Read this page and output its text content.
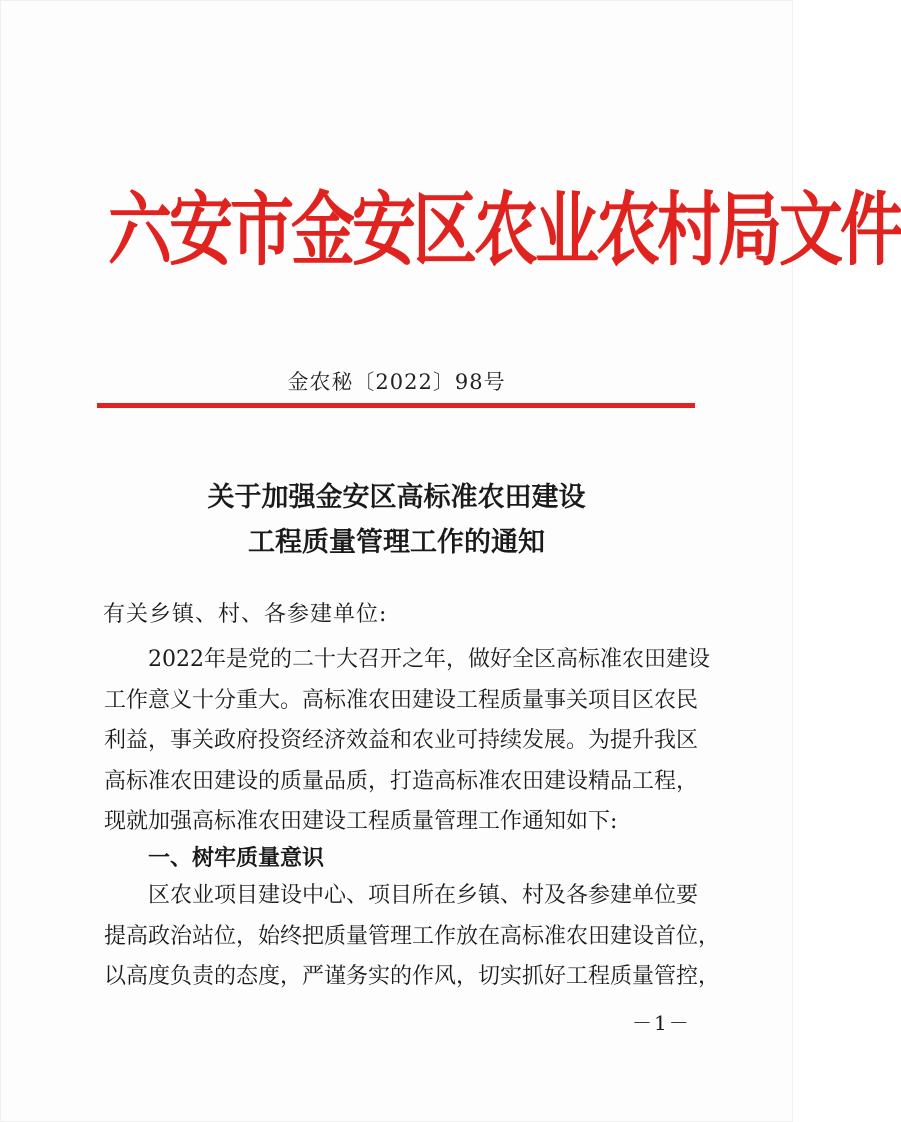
六安市金安区农业农村局文件
金农秘〔2022〕98号
关于加强金安区高标准农田建设
工程质量管理工作的通知
有关乡镇、村、各参建单位:
2022年是党的二十大召开之年，做好全区高标准农田建设
工作意义十分重大。高标准农田建设工程质量事关项目区农民
利益，事关政府投资经济效益和农业可持续发展。为提升我区
高标准农田建设的质量品质，打造高标准农田建设精品工程，
现就加强高标准农田建设工程质量管理工作通知如下:
一、树牢质量意识
区农业项目建设中心、项目所在乡镇、村及各参建单位要
提高政治站位，始终把质量管理工作放在高标准农田建设首位，
以高度负责的态度，严谨务实的作风，切实抓好工程质量管控，
－1－
